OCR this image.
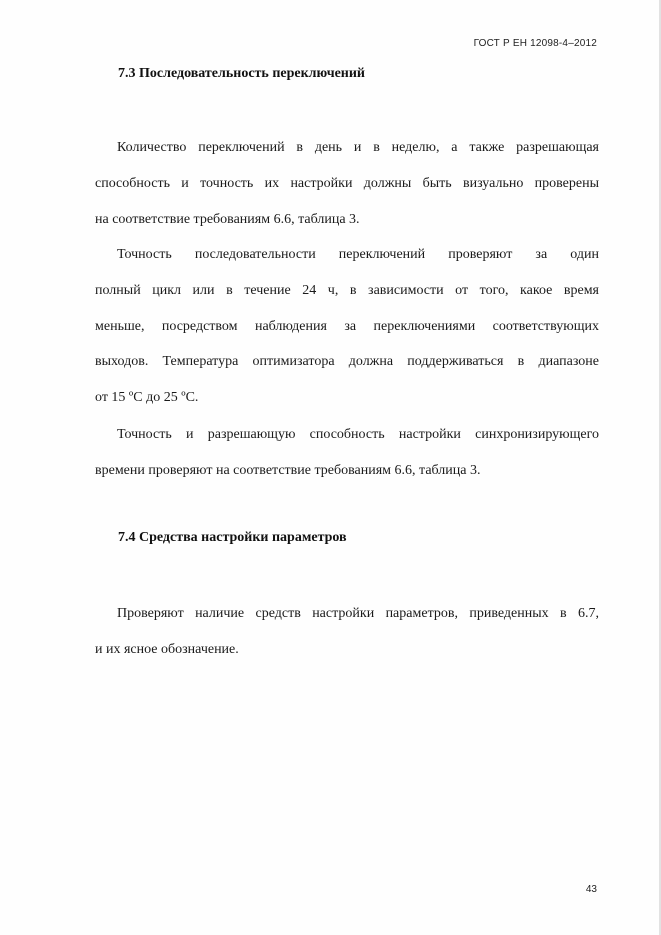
ГОСТ Р ЕН 12098-4–2012
7.3 Последовательность переключений

Количество переключений в день и в неделю, а также разрешающая
способность и точность их настройки должны быть визуально проверены
на соответствие требованиям 6.6, таблица 3.

Точность последовательности переключений проверяют за один
полный цикл или в течение 24 ч, в зависимости от того, какое время
меньше, посредством наблюдения за переключениями соответствующих
выходов. Температура оптимизатора должна поддерживаться в диапазоне
от 15 ºC до 25 ºC.

Точность и разрешающую способность настройки синхронизирующего
времени проверяют на соответствие требованиям 6.6, таблица 3.

7.4 Средства настройки параметров

Проверяют наличие средств настройки параметров, приведенных в 6.7,
и их ясное обозначение.

43
